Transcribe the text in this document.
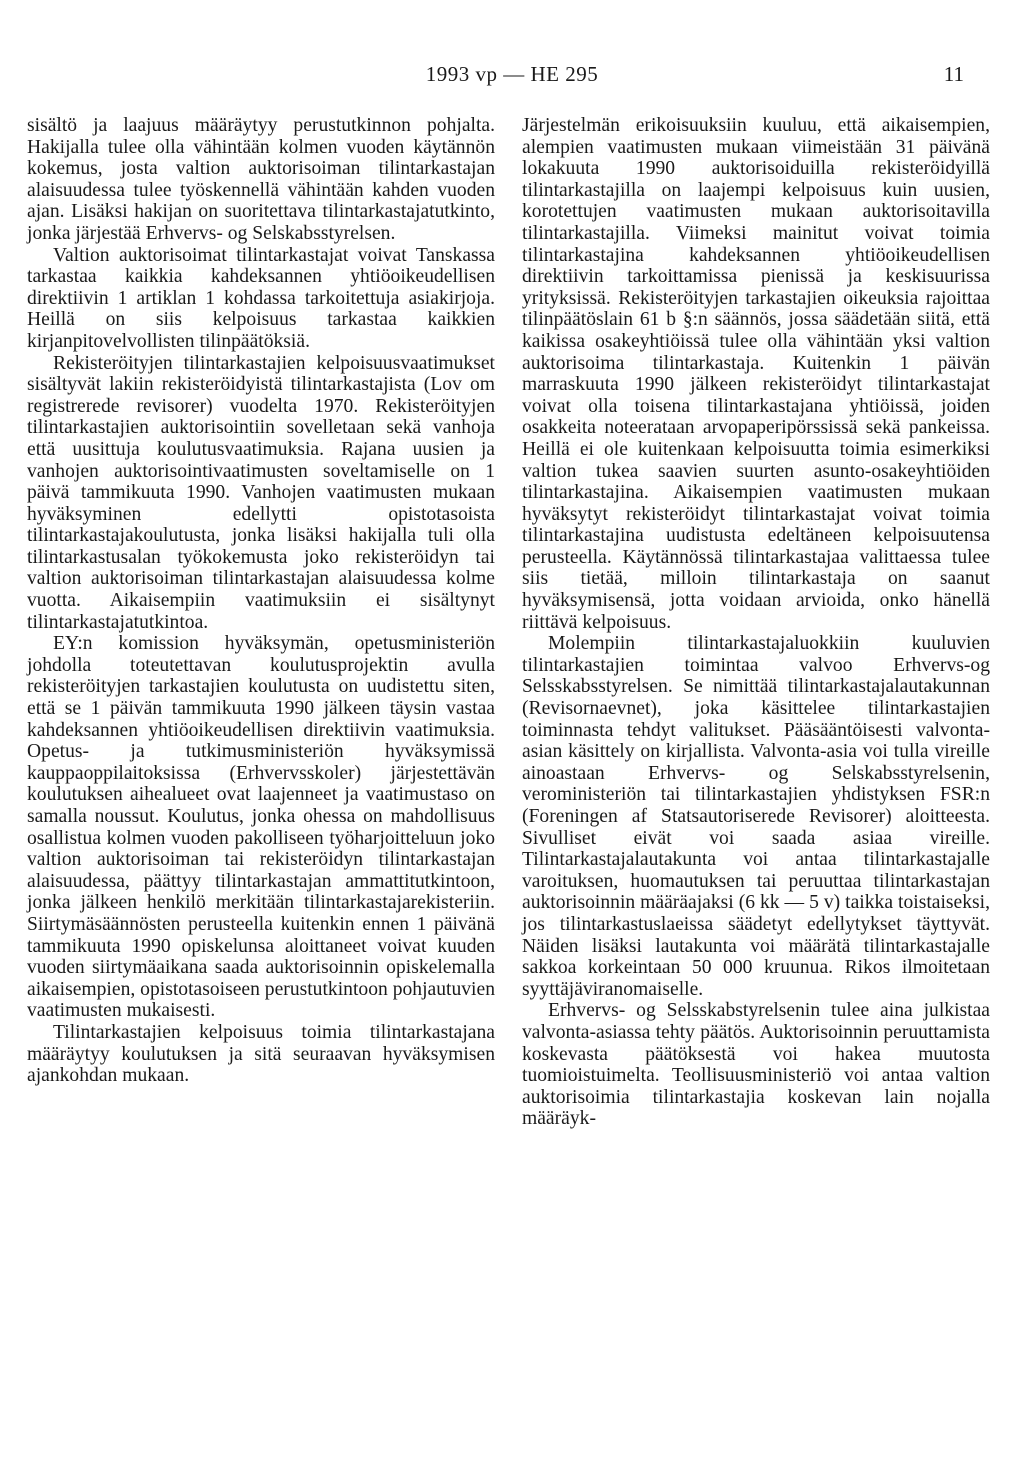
1993 vp — HE 295	11

sisältö ja laajuus määräytyy perustutkinnon pohjalta. Hakijalla tulee olla vähintään kolmen vuoden käytännön kokemus, josta valtion auktorisoiman tilintarkastajan alaisuudessa tulee työskennellä vähintään kahden vuoden ajan. Lisäksi hakijan on suoritettava tilintarkastajatutkinto, jonka järjestää Erhvervs- og Selskabsstyrelsen.

Valtion auktorisoimat tilintarkastajat voivat Tanskassa tarkastaa kaikkia kahdeksannen yhtiöoikeudellisen direktiivin 1 artiklan 1 kohdassa tarkoitettuja asiakirjoja. Heillä on siis kelpoisuus tarkastaa kaikkien kirjanpitovelvollisten tilinpäätöksiä.

Rekisteröityjen tilintarkastajien kelpoisuusvaatimukset sisältyvät lakiin rekisteröidyistä tilintarkastajista (Lov om registrerede revisorer) vuodelta 1970. Rekisteröityjen tilintarkastajien auktorisointiin sovelletaan sekä vanhoja että uusittuja koulutusvaatimuksia. Rajana uusien ja vanhojen auktorisointivaatimusten soveltamiselle on 1 päivä tammikuuta 1990. Vanhojen vaatimusten mukaan hyväksyminen edellytti opistotasoista tilintarkastajakoulutusta, jonka lisäksi hakijalla tuli olla tilintarkastusalan työkokemusta joko rekisteröidyn tai valtion auktorisoiman tilintarkastajan alaisuudessa kolme vuotta. Aikaisempiin vaatimuksiin ei sisältynyt tilintarkastajatutkintoa.

EY:n komission hyväksymän, opetusministeriön johdolla toteutettavan koulutusprojektin avulla rekisteröityjen tarkastajien koulutusta on uudistettu siten, että se 1 päivän tammikuuta 1990 jälkeen täysin vastaa kahdeksannen yhtiöoikeudellisen direktiivin vaatimuksia. Opetus- ja tutkimusministeriön hyväksymissä kauppaoppilaitoksissa (Erhvervsskoler) järjestettävän koulutuksen aihealueet ovat laajenneet ja vaatimustaso on samalla noussut. Koulutus, jonka ohessa on mahdollisuus osallistua kolmen vuoden pakolliseen työharjoitteluun joko valtion auktorisoiman tai rekisteröidyn tilintarkastajan alaisuudessa, päättyy tilintarkastajan ammattitutkintoon, jonka jälkeen henkilö merkitään tilintarkastajarekisteriin. Siirtymäsäännösten perusteella kuitenkin ennen 1 päivänä tammikuuta 1990 opiskelunsa aloittaneet voivat kuuden vuoden siirtymäaikana saada auktorisoinnin opiskelemalla aikaisempien, opistotasoiseen perustutkintoon pohjautuvien vaatimusten mukaisesti.

Tilintarkastajien kelpoisuus toimia tilintarkastajana määräytyy koulutuksen ja sitä seuraavan hyväksymisen ajankohdan mukaan.

Järjestelmän erikoisuuksiin kuuluu, että aikaisempien, alempien vaatimusten mukaan viimeistään 31 päivänä lokakuuta 1990 auktorisoiduilla rekisteröidyillä tilintarkastajilla on laajempi kelpoisuus kuin uusien, korotettujen vaatimusten mukaan auktorisoitavilla tilintarkastajilla. Viimeksi mainitut voivat toimia tilintarkastajina kahdeksannen yhtiöoikeudellisen direktiivin tarkoittamissa pienissä ja keskisuurissa yrityksissä. Rekisteröityjen tarkastajien oikeuksia rajoittaa tilinpäätöslain 61 b §:n säännös, jossa säädetään siitä, että kaikissa osakeyhtiöissä tulee olla vähintään yksi valtion auktorisoima tilintarkastaja. Kuitenkin 1 päivän marraskuuta 1990 jälkeen rekisteröidyt tilintarkastajat voivat olla toisena tilintarkastajana yhtiöissä, joiden osakkeita noteerataan arvopaperipörssissä sekä pankeissa. Heillä ei ole kuitenkaan kelpoisuutta toimia esimerkiksi valtion tukea saavien suurten asunto-osakeyhtiöiden tilintarkastajina. Aikaisempien vaatimusten mukaan hyväksytyt rekisteröidyt tilintarkastajat voivat toimia tilintarkastajina uudistusta edeltäneen kelpoisuutensa perusteella. Käytännössä tilintarkastajaa valittaessa tulee siis tietää, milloin tilintarkastaja on saanut hyväksymisensä, jotta voidaan arvioida, onko hänellä riittävä kelpoisuus.

Molempiin tilintarkastajaluokkiin kuuluvien tilintarkastajien toimintaa valvoo Erhvervs-og Selsskabsstyrelsen. Se nimittää tilintarkastajalautakunnan (Revisornaevnet), joka käsittelee tilintarkastajien toiminnasta tehdyt valitukset. Pääsääntöisesti valvonta-asian käsittely on kirjallista. Valvonta-asia voi tulla vireille ainoastaan Erhvervs- og Selskabsstyrelsenin, veroministeriön tai tilintarkastajien yhdistyksen FSR:n (Foreningen af Statsautoriserede Revisorer) aloitteesta. Sivulliset eivät voi saada asiaa vireille. Tilintarkastajalautakunta voi antaa tilintarkastajalle varoituksen, huomautuksen tai peruuttaa tilintarkastajan auktorisoinnin määräajaksi (6 kk — 5 v) taikka toistaiseksi, jos tilintarkastuslaeissa säädetyt edellytykset täyttyvät. Näiden lisäksi lautakunta voi määrätä tilintarkastajalle sakkoa korkeintaan 50 000 kruunua. Rikos ilmoitetaan syyttäjäviranomaiselle.

Erhvervs- og Selsskabstyrelsenin tulee aina julkistaa valvonta-asiassa tehty päätös. Auktorisoinnin peruuttamista koskevasta päätöksestä voi hakea muutosta tuomioistuimelta. Teollisuusministeriö voi antaa valtion auktorisoimia tilintarkastajia koskevan lain nojalla määräyk-
